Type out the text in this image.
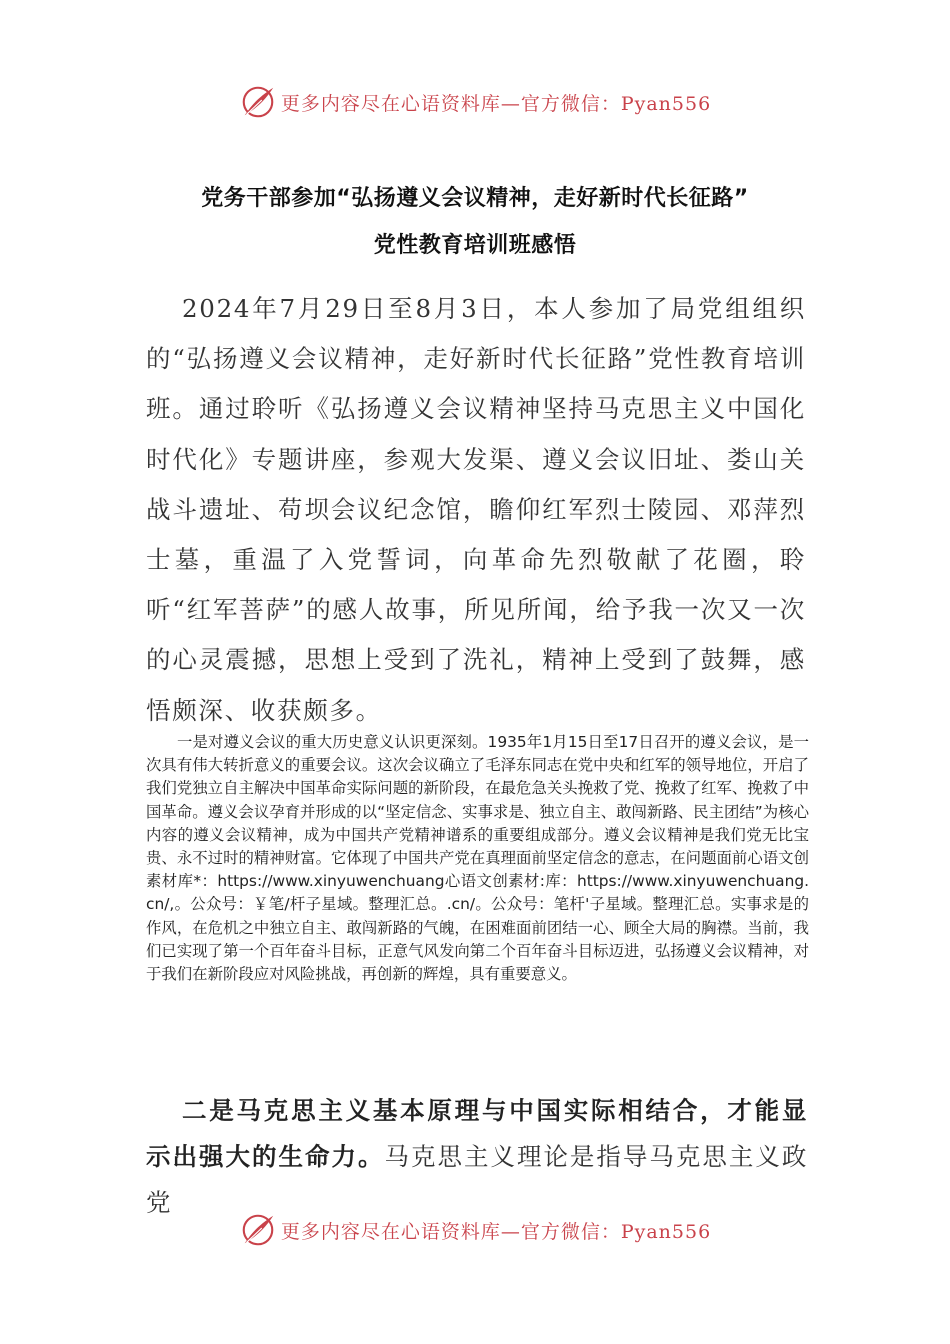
更多内容尽在心语资料库—官方微信：Pyan556
党务干部参加“弘扬遵义会议精神，走好新时代长征路”
党性教育培训班感悟

2024年7月29日至8月3日，本人参加了局党组组织的“弘扬遵义会议精神，走好新时代长征路”党性教育培训班。通过聆听《弘扬遵义会议精神坚持马克思主义中国化时代化》专题讲座，参观大发渠、遵义会议旧址、娄山关战斗遗址、苟坝会议纪念馆，瞻仰红军烈士陵园、邓萍烈士墓，重温了入党誓词，向革命先烈敬献了花圈，聆听“红军菩萨”的感人故事，所见所闻，给予我一次又一次的心灵震撼，思想上受到了洗礼，精神上受到了鼓舞，感悟颇深、收获颇多。

一是对遵义会议的重大历史意义认识更深刻。1935年1月15日至17日召开的遵义会议，是一次具有伟大转折意义的重要会议。这次会议确立了毛泽东同志在党中央和红军的领导地位，开启了我们党独立自主解决中国革命实际问题的新阶段，在最危急关头挽救了党、挽救了红军、挽救了中国革命。遵义会议孕育并形成的以“坚定信念、实事求是、独立自主、敢闯新路、民主团结”为核心内容的遵义会议精神，成为中国共产党精神谱系的重要组成部分。遵义会议精神是我们党无比宝贵、永不过时的精神财富。它体现了中国共产党在真理面前坚定信念的意志，在问题面前心语文创素材库*：https://www.xinyuwenchuang心语文创素材:库：https://www.xinyuwenchuang.cn/,。公众号：￥笔/杆子星域。整理汇总。.cn/。公众号：笔杆'子星域。整理汇总。实事求是的作风，在危机之中独立自主、敢闯新路的气魄，在困难面前团结一心、顾全大局的胸襟。当前，我们已实现了第一个百年奋斗目标，正意气风发向第二个百年奋斗目标迈进，弘扬遵义会议精神，对于我们在新阶段应对风险挑战，再创新的辉煌，具有重要意义。

二是马克思主义基本原理与中国实际相结合，才能显示出强大的生命力。马克思主义理论是指导马克思主义政党

更多内容尽在心语资料库—官方微信：Pyan556
